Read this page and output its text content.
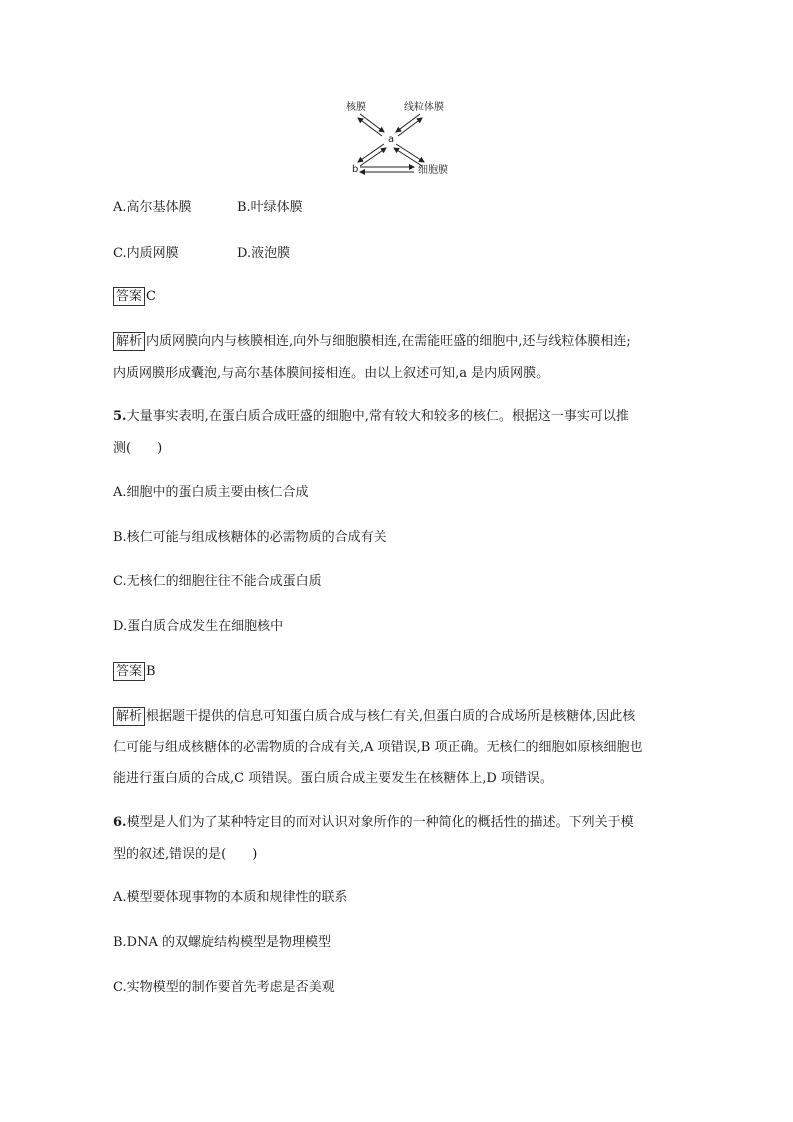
核膜	线粒体膜
a
b	细胞膜
A.高尔基体膜	B.叶绿体膜
C.内质网膜	D.液泡膜
答案 C
解析 内质网膜向内与核膜相连,向外与细胞膜相连,在需能旺盛的细胞中,还与线粒体膜相连;
内质网膜形成囊泡,与高尔基体膜间接相连。由以上叙述可知,a 是内质网膜。
5.大量事实表明,在蛋白质合成旺盛的细胞中,常有较大和较多的核仁。根据这一事实可以推
测(　　)
A.细胞中的蛋白质主要由核仁合成
B.核仁可能与组成核糖体的必需物质的合成有关
C.无核仁的细胞往往不能合成蛋白质
D.蛋白质合成发生在细胞核中
答案 B
解析 根据题干提供的信息可知蛋白质合成与核仁有关,但蛋白质的合成场所是核糖体,因此核
仁可能与组成核糖体的必需物质的合成有关,A 项错误,B 项正确。无核仁的细胞如原核细胞也
能进行蛋白质的合成,C 项错误。蛋白质合成主要发生在核糖体上,D 项错误。
6.模型是人们为了某种特定目的而对认识对象所作的一种简化的概括性的描述。下列关于模
型的叙述,错误的是(　　)
A.模型要体现事物的本质和规律性的联系
B.DNA 的双螺旋结构模型是物理模型
C.实物模型的制作要首先考虑是否美观
